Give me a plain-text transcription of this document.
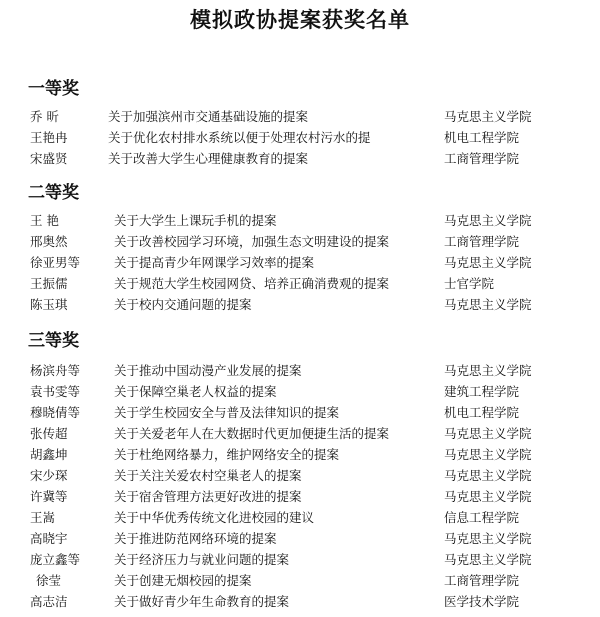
模拟政协提案获奖名单
一等奖
乔 昕	关于加强滨州市交通基础设施的提案	马克思主义学院
王艳冉	关于优化农村排水系统以便于处理农村污水的提	机电工程学院
宋盛贤	关于改善大学生心理健康教育的提案	工商管理学院
二等奖
王 艳	关于大学生上课玩手机的提案	马克思主义学院
邢奥然	关于改善校园学习环境，加强生态文明建设的提案	工商管理学院
徐亚男等	关于提高青少年网课学习效率的提案	马克思主义学院
王振儒	关于规范大学生校园网贷、培养正确消费观的提案	士官学院
陈玉琪	关于校内交通问题的提案	马克思主义学院
三等奖
杨滨舟等	关于推动中国动漫产业发展的提案	马克思主义学院
袁书雯等	关于保障空巢老人权益的提案	建筑工程学院
穆晓倩等	关于学生校园安全与普及法律知识的提案	机电工程学院
张传超	关于关爱老年人在大数据时代更加便捷生活的提案	马克思主义学院
胡鑫坤	关于杜绝网络暴力，维护网络安全的提案	马克思主义学院
宋少琛	关于关注关爱农村空巢老人的提案	马克思主义学院
许冀等	关于宿舍管理方法更好改进的提案	马克思主义学院
王嵩	关于中华优秀传统文化进校园的建议	信息工程学院
高晓宇	关于推进防范网络环境的提案	马克思主义学院
庞立鑫等	关于经济压力与就业问题的提案	马克思主义学院
徐莹	关于创建无烟校园的提案	工商管理学院
高志洁	关于做好青少年生命教育的提案	医学技术学院
